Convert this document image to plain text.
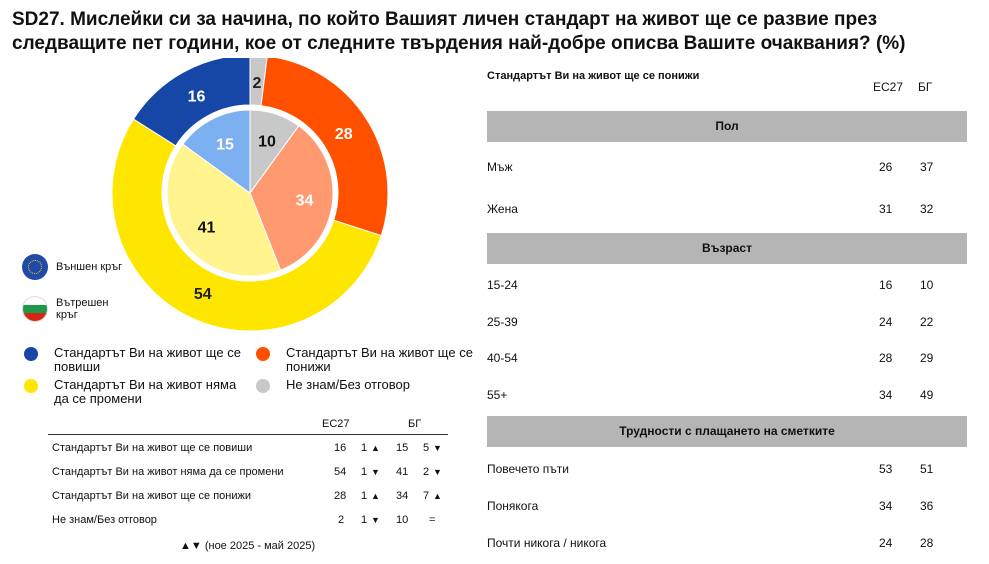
SD27. Мислейки си за начина, по който Вашият личен стандарт на живот ще се развие през следващите пет години, кое от следните твърдения най-добре описва Вашите очаквания? (%)
2
28
54
16
10
34
41
15
Външен кръг
Вътрешен кръг
Стандартът Ви на живот ще се повиши
Стандартът Ви на живот ще се понижи
Стандартът Ви на живот няма да се промени
Не знам/Без отговор
EC27	БГ
Стандартът Ви на живот ще се повиши	16 1 ▲ 15 5 ▼
Стандартът Ви на живот няма да се промени	54 1 ▼ 41 2 ▼
Стандартът Ви на живот ще се понижи	28 1 ▲ 34 7 ▲
Не знам/Без отговор	2 1 ▼ 10 =
▲▼ (ное 2025 - май 2025)
Стандартът Ви на живот ще се понижи
EC27 БГ
Пол
Мъж	26 37
Жена	31 32
Възраст
15-24	16 10
25-39	24 22
40-54	28 29
55+	34 49
Трудности с плащането на сметките
Повечето пъти	53 51
Понякога	34 36
Почти никога / никога	24 28
